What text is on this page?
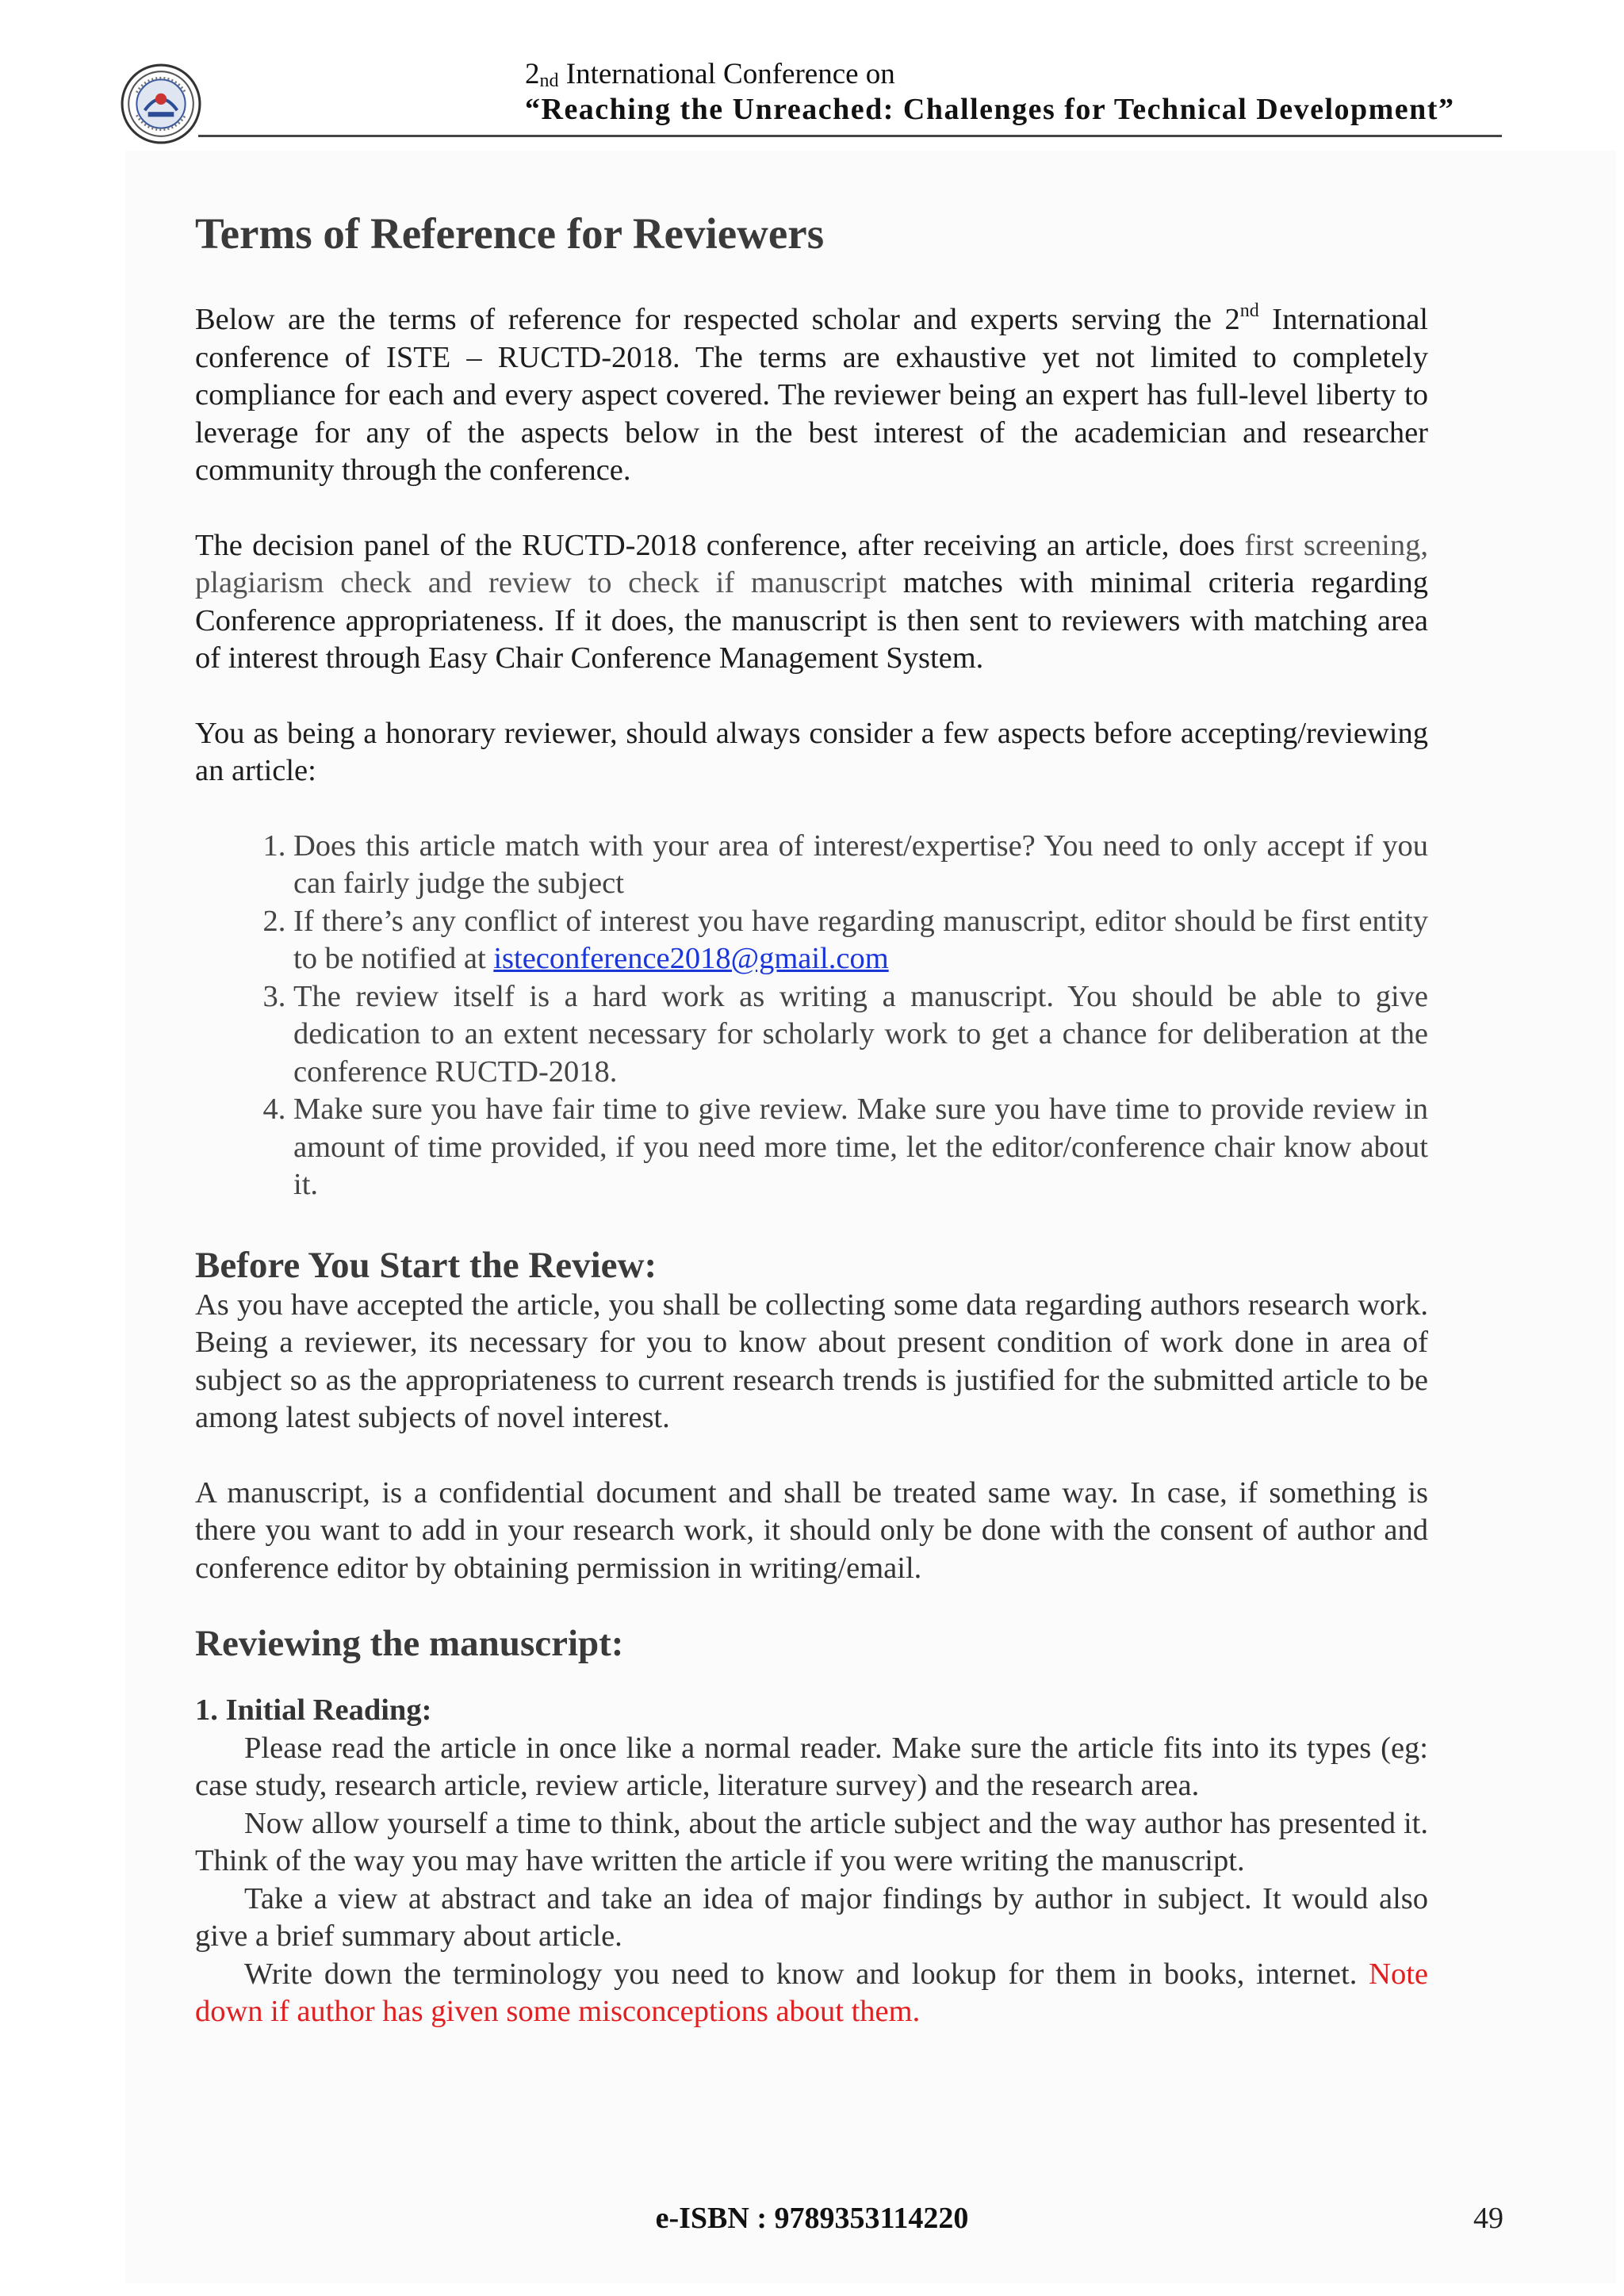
$2_{nd}$ International Conference on
“Reaching the Unreached: Challenges for Technical Development”
Terms of Reference for Reviewers

Below are the terms of reference for respected scholar and experts serving the 2nd International conference of ISTE – RUCTD-2018. The terms are exhaustive yet not limited to completely compliance for each and every aspect covered. The reviewer being an expert has full-level liberty to leverage for any of the aspects below in the best interest of the academician and researcher community through the conference.

The decision panel of the RUCTD-2018 conference, after receiving an article, does first screening, plagiarism check and review to check if manuscript matches with minimal criteria regarding Conference appropriateness. If it does, the manuscript is then sent to reviewers with matching area of interest through Easy Chair Conference Management System.

You as being a honorary reviewer, should always consider a few aspects before accepting/reviewing an article:

1. Does this article match with your area of interest/expertise? You need to only accept if you can fairly judge the subject
2. If there’s any conflict of interest you have regarding manuscript, editor should be first entity to be notified at isteconference2018@gmail.com
3. The review itself is a hard work as writing a manuscript. You should be able to give dedication to an extent necessary for scholarly work to get a chance for deliberation at the conference RUCTD-2018.
4. Make sure you have fair time to give review. Make sure you have time to provide review in amount of time provided, if you need more time, let the editor/conference chair know about it.
Before You Start the Review:

As you have accepted the article, you shall be collecting some data regarding authors research work. Being a reviewer, its necessary for you to know about present condition of work done in area of subject so as the appropriateness to current research trends is justified for the submitted article to be among latest subjects of novel interest.

A manuscript, is a confidential document and shall be treated same way. In case, if something is there you want to add in your research work, it should only be done with the consent of author and conference editor by obtaining permission in writing/email.

Reviewing the manuscript:
1. Initial Reading:

Please read the article in once like a normal reader. Make sure the article fits into its types (eg: case study, research article, review article, literature survey) and the research area.

Now allow yourself a time to think, about the article subject and the way author has presented it. Think of the way you may have written the article if you were writing the manuscript.

Take a view at abstract and take an idea of major findings by author in subject. It would also give a brief summary about article.

Write down the terminology you need to know and lookup for them in books, internet. Note down if author has given some misconceptions about them.

e-ISBN : 9789353114220	49
